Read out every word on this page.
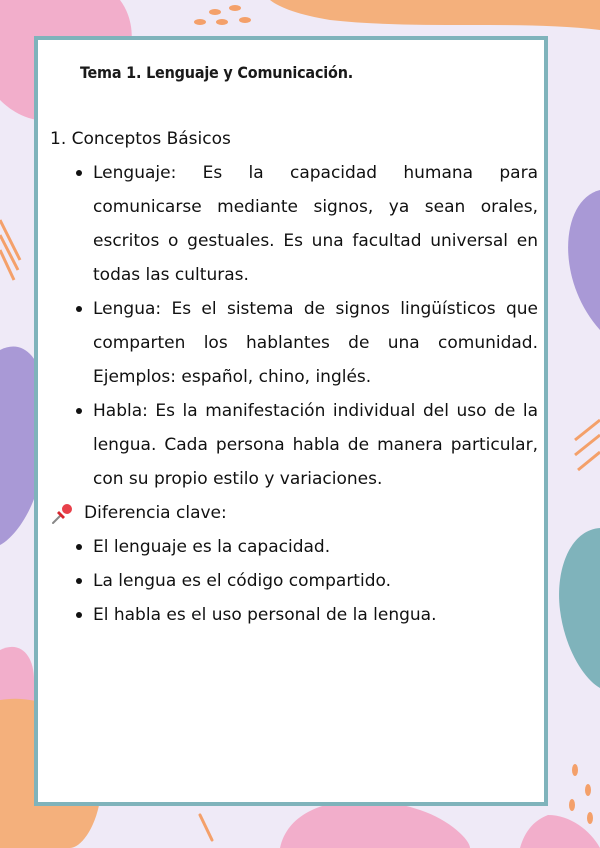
Tema 1. Lenguaje y Comunicación.
1. Conceptos Básicos
Lenguaje: Es la capacidad humana para comunicarse mediante signos, ya sean orales, escritos o gestuales. Es una facultad universal en todas las culturas.
Lengua: Es el sistema de signos lingüísticos que comparten los hablantes de una comunidad. Ejemplos: español, chino, inglés.
Habla: Es la manifestación individual del uso de la lengua. Cada persona habla de manera particular, con su propio estilo y variaciones.
Diferencia clave:
El lenguaje es la capacidad.
La lengua es el código compartido.
El habla es el uso personal de la lengua.
